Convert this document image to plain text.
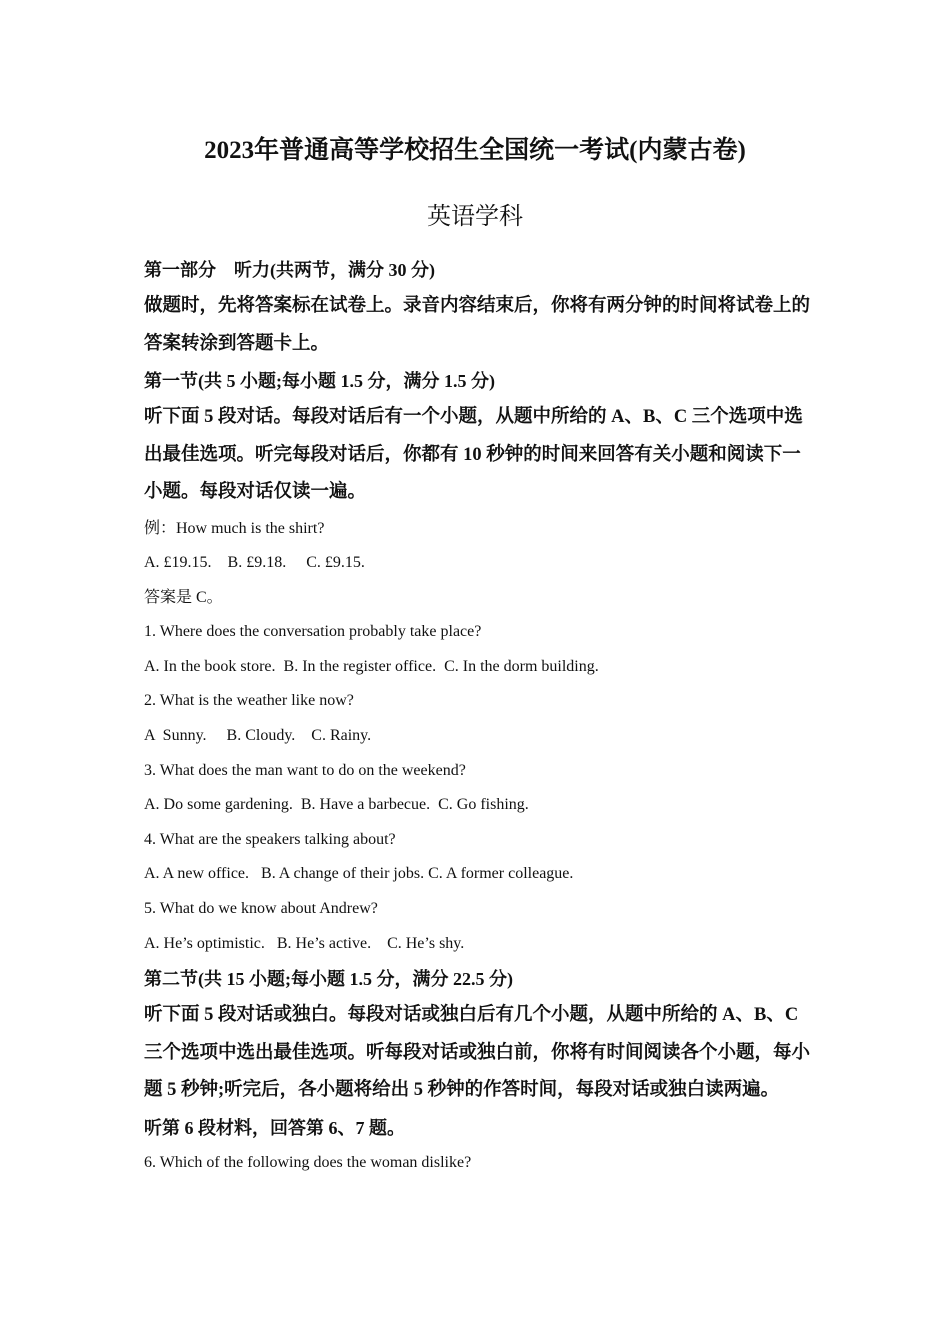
2023年普通高等学校招生全国统一考试(内蒙古卷)
英语学科

第一部分　听力(共两节，满分 30 分)

做题时，先将答案标在试卷上。录音内容结束后，你将有两分钟的时间将试卷上的答案转涂到答题卡上。

第一节(共 5 小题;每小题 1.5 分，满分 1.5 分)

听下面 5 段对话。每段对话后有一个小题，从题中所给的 A、B、C 三个选项中选出最佳选项。听完每段对话后，你都有 10 秒钟的时间来回答有关小题和阅读下一小题。每段对话仅读一遍。

例：How much is the shirt?

A. £19.15.    B. £9.18.     C. £9.15.

答案是 C。

1. Where does the conversation probably take place?

A. In the book store.  B. In the register office.  C. In the dorm building.

2. What is the weather like now?

A  Sunny.     B. Cloudy.    C. Rainy.

3. What does the man want to do on the weekend?

A. Do some gardening.  B. Have a barbecue.  C. Go fishing.

4. What are the speakers talking about?

A. A new office.   B. A change of their jobs. C. A former colleague.

5. What do we know about Andrew?

A. He’s optimistic.   B. He’s active.    C. He’s shy.

第二节(共 15 小题;每小题 1.5 分，满分 22.5 分)

听下面 5 段对话或独白。每段对话或独白后有几个小题，从题中所给的 A、B、C 三个选项中选出最佳选项。听每段对话或独白前，你将有时间阅读各个小题，每小题 5 秒钟;听完后，各小题将给出 5 秒钟的作答时间，每段对话或独白读两遍。

听第 6 段材料，回答第 6、7 题。

6. Which of the following does the woman dislike?
